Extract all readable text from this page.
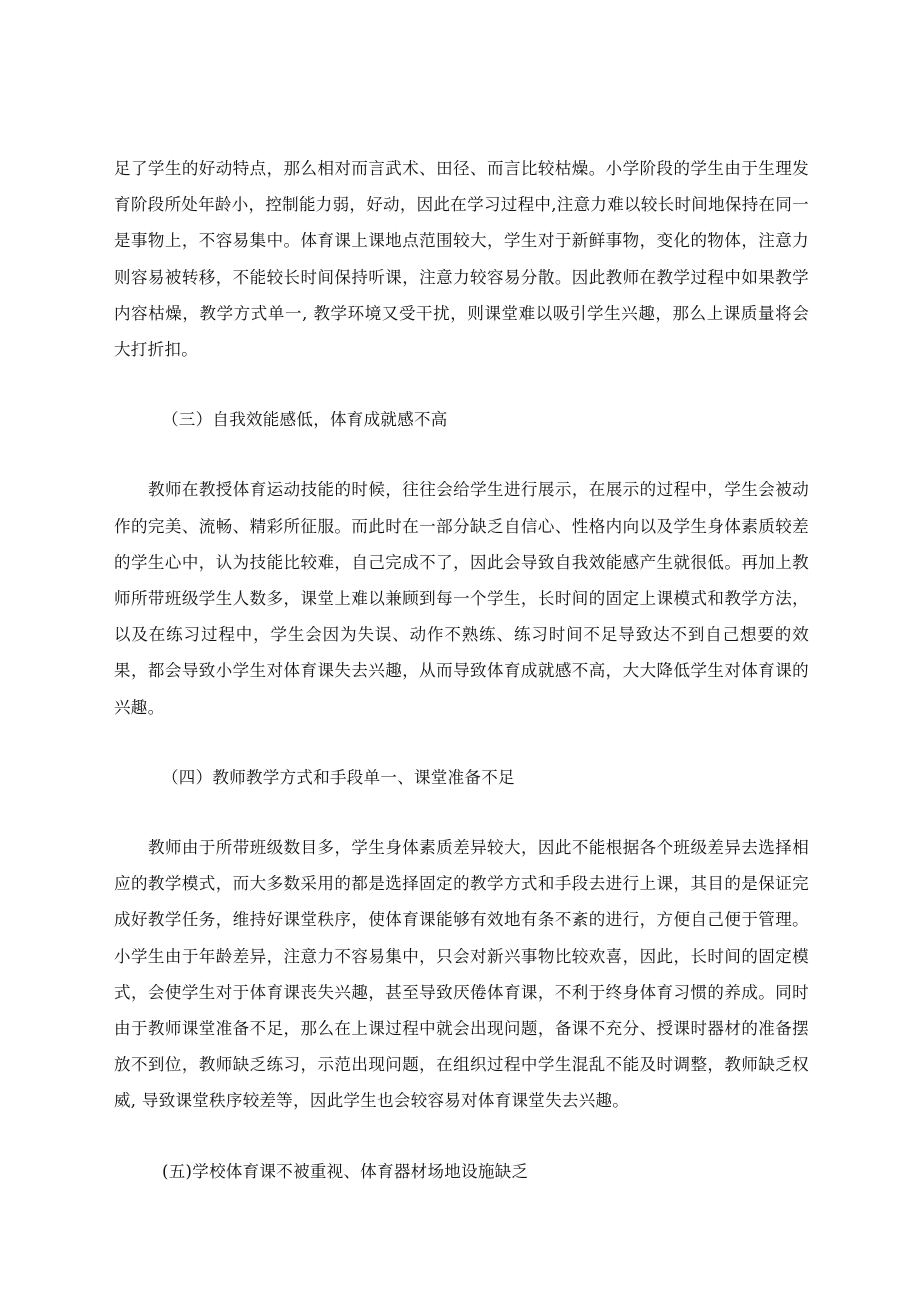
足了学生的好动特点，那么相对而言武术、田径、而言比较枯燥。小学阶段的学生由于生理发育阶段所处年龄小，控制能力弱，好动，因此在学习过程中,注意力难以较长时间地保持在同一是事物上，不容易集中。体育课上课地点范围较大，学生对于新鲜事物，变化的物体，注意力则容易被转移，不能较长时间保持听课，注意力较容易分散。因此教师在教学过程中如果教学内容枯燥，教学方式单一, 教学环境又受干扰，则课堂难以吸引学生兴趣，那么上课质量将会大打折扣。

（三）自我效能感低，体育成就感不高

教师在教授体育运动技能的时候，往往会给学生进行展示，在展示的过程中，学生会被动作的完美、流畅、精彩所征服。而此时在一部分缺乏自信心、性格内向以及学生身体素质较差的学生心中，认为技能比较难，自己完成不了，因此会导致自我效能感产生就很低。再加上教师所带班级学生人数多，课堂上难以兼顾到每一个学生，长时间的固定上课模式和教学方法，以及在练习过程中，学生会因为失误、动作不熟练、练习时间不足导致达不到自己想要的效果，都会导致小学生对体育课失去兴趣，从而导致体育成就感不高，大大降低学生对体育课的兴趣。

（四）教师教学方式和手段单一、课堂准备不足

教师由于所带班级数目多，学生身体素质差异较大，因此不能根据各个班级差异去选择相应的教学模式，而大多数采用的都是选择固定的教学方式和手段去进行上课，其目的是保证完成好教学任务，维持好课堂秩序，使体育课能够有效地有条不紊的进行，方便自己便于管理。小学生由于年龄差异，注意力不容易集中，只会对新兴事物比较欢喜，因此，长时间的固定模式，会使学生对于体育课丧失兴趣，甚至导致厌倦体育课，不利于终身体育习惯的养成。同时由于教师课堂准备不足，那么在上课过程中就会出现问题，备课不充分、授课时器材的准备摆放不到位，教师缺乏练习，示范出现问题，在组织过程中学生混乱不能及时调整，教师缺乏权威, 导致课堂秩序较差等，因此学生也会较容易对体育课堂失去兴趣。

(五)学校体育课不被重视、体育器材场地设施缺乏
